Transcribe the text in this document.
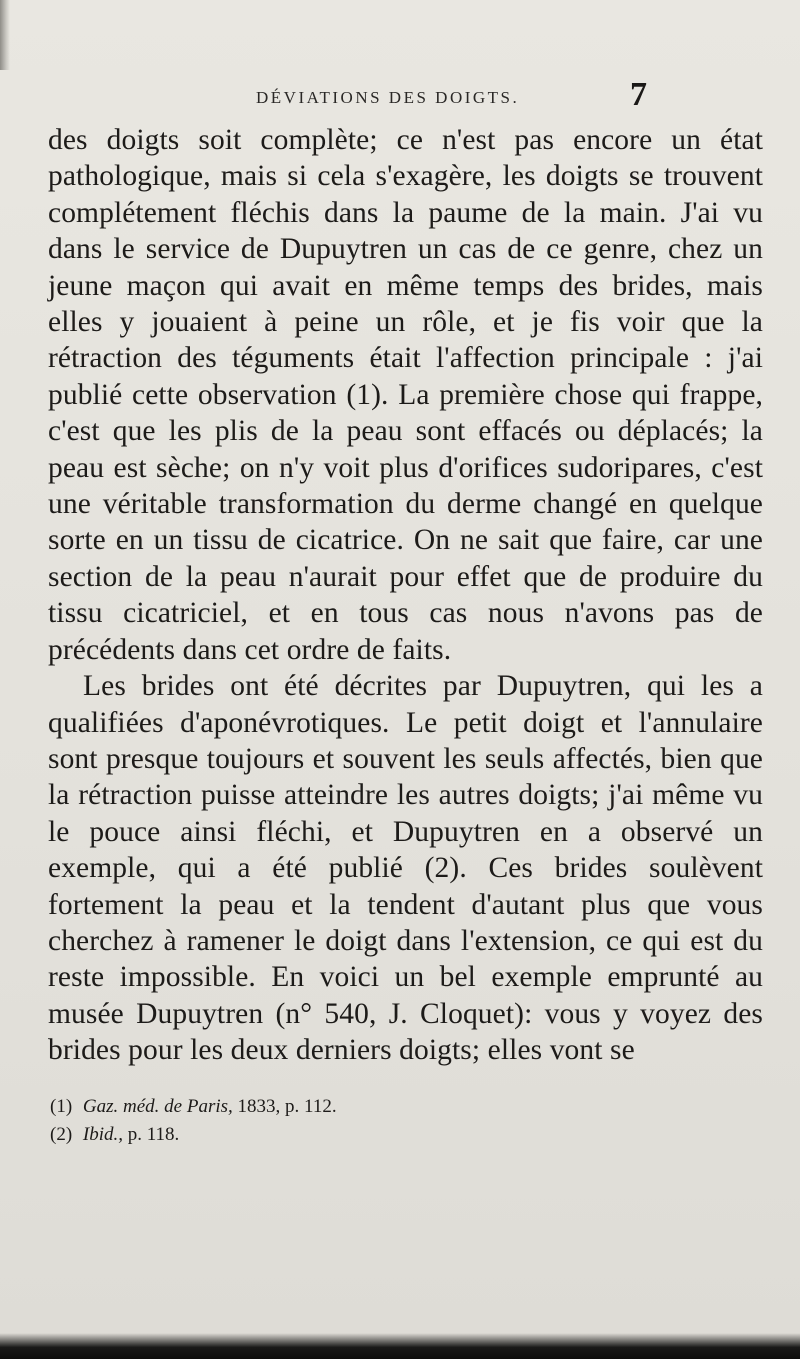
DÉVIATIONS DES DOIGTS.	7

des doigts soit complète; ce n'est pas encore un état pathologique, mais si cela s'exagère, les doigts se trouvent complétement fléchis dans la paume de la main. J'ai vu dans le service de Dupuytren un cas de ce genre, chez un jeune maçon qui avait en même temps des brides, mais elles y jouaient à peine un rôle, et je fis voir que la rétraction des téguments était l'affection principale : j'ai publié cette observation (1). La première chose qui frappe, c'est que les plis de la peau sont effacés ou déplacés; la peau est sèche; on n'y voit plus d'orifices sudoripares, c'est une véritable transformation du derme changé en quelque sorte en un tissu de cicatrice. On ne sait que faire, car une section de la peau n'aurait pour effet que de produire du tissu cicatriciel, et en tous cas nous n'avons pas de précédents dans cet ordre de faits.

Les brides ont été décrites par Dupuytren, qui les a qualifiées d'aponévrotiques. Le petit doigt et l'annulaire sont presque toujours et souvent les seuls affectés, bien que la rétraction puisse atteindre les autres doigts; j'ai même vu le pouce ainsi fléchi, et Dupuytren en a observé un exemple, qui a été publié (2). Ces brides soulèvent fortement la peau et la tendent d'autant plus que vous cherchez à ramener le doigt dans l'extension, ce qui est du reste impossible. En voici un bel exemple emprunté au musée Dupuytren (n° 540, J. Cloquet): vous y voyez des brides pour les deux derniers doigts; elles vont se

(1) Gaz. méd. de Paris, 1833, p. 112.
(2) Ibid., p. 118.
